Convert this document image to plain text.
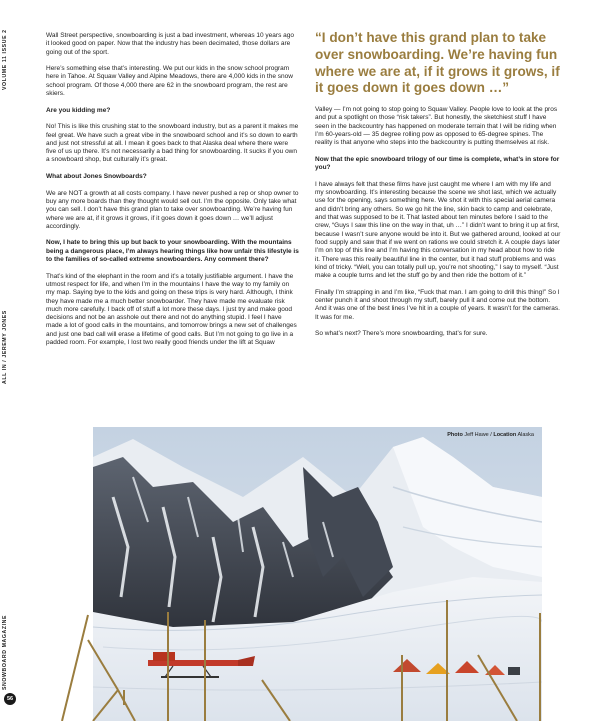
VOLUME 11 ISSUE 2
ALL IN / JEREMY JONES
SNOWBOARD MAGAZINE
56

Wall Street perspective, snowboarding is just a bad investment, whereas 10 years ago it looked good on paper. Now that the industry has been decimated, those dollars are going out of the sport.

Here’s something else that’s interesting. We put our kids in the snow school program here in Tahoe. At Squaw Valley and Alpine Meadows, there are 4,000 kids in the snow school program. Of those 4,000 there are 62 in the snowboard program, the rest are skiers.

Are you kidding me?

No! This is like this crushing stat to the snowboard industry, but as a parent it makes me feel great. We have such a great vibe in the snowboard school and it’s so down to earth and just not stressful at all. I mean it goes back to that Alaska deal where there were five of us up there. It’s not necessarily a bad thing for snowboarding. It sucks if you own a snowboard shop, but culturally it’s great.

What about Jones Snowboards?

We are NOT a growth at all costs company. I have never pushed a rep or shop owner to buy any more boards than they thought would sell out. I’m the opposite. Only take what you can sell. I don’t have this grand plan to take over snowboarding. We’re having fun where we are at, if it grows it grows, if it goes down it goes down … we’ll adjust accordingly.

Now, I hate to bring this up but back to your snowboarding. With the mountains being a dangerous place, I’m always hearing things like how unfair this lifestyle is to the families of so-called extreme snowboarders. Any comment there?

That’s kind of the elephant in the room and it’s a totally justifiable argument. I have the utmost respect for life, and when I’m in the mountains I have the way to my family on my map. Saying bye to the kids and going on these trips is very hard. Although, I think they have made me a much better snowboarder. They have made me evaluate risk much more carefully. I back off of stuff a lot more these days. I just try and make good decisions and not be an asshole out there and not do anything stupid. I feel I have made a lot of good calls in the mountains, and tomorrow brings a new set of challenges and just one bad call will erase a lifetime of good calls. But I’m not going to go live in a padded room. For example, I lost two really good friends under the lift at Squaw

“I don’t have this grand plan to take over snowboarding. We’re having fun where we are at, if it grows it grows, if it goes down it goes down …”

Valley — I’m not going to stop going to Squaw Valley. People love to look at the pros and put a spotlight on those “risk takers”. But honestly, the sketchiest stuff I have seen in the backcountry has happened on moderate terrain that I will be riding when I’m 60-years-old — 35 degree rolling pow as opposed to 65-degree spines. The reality is that anyone who steps into the backcountry is putting themselves at risk.

Now that the epic snowboard trilogy of our time is complete, what’s in store for you?

I have always felt that these films have just caught me where I am with my life and my snowboarding. It’s interesting because the scene we shot last, which we actually use for the opening, says something here. We shot it with this special aerial camera and didn’t bring any others. So we go hit the line, skin back to camp and celebrate, and that was supposed to be it. That lasted about ten minutes before I said to the crew, “Guys I saw this line on the way in that, uh …” I didn’t want to bring it up at first, because I wasn’t sure anyone would be into it. But we gathered around, looked at our food supply and saw that if we went on rations we could stretch it. A couple days later I’m on top of this line and I’m having this conversation in my head about how to ride it. There was this really beautiful line in the center, but it had stuff problems and was kind of tricky. “Well, you can totally pull up, you’re not shooting,” I say to myself. “Just make a couple turns and let the stuff go by and then ride the bottom of it.”

Finally I’m strapping in and I’m like, “Fuck that man. I am going to drill this thing!” So I center punch it and shoot through my stuff, barely pull it and come out the bottom. And it was one of the best lines I’ve hit in a couple of years. It wasn’t for the cameras. It was for me.

So what’s next? There’s more snowboarding, that’s for sure.

Photo Jeff Hawe / Location Alaska
